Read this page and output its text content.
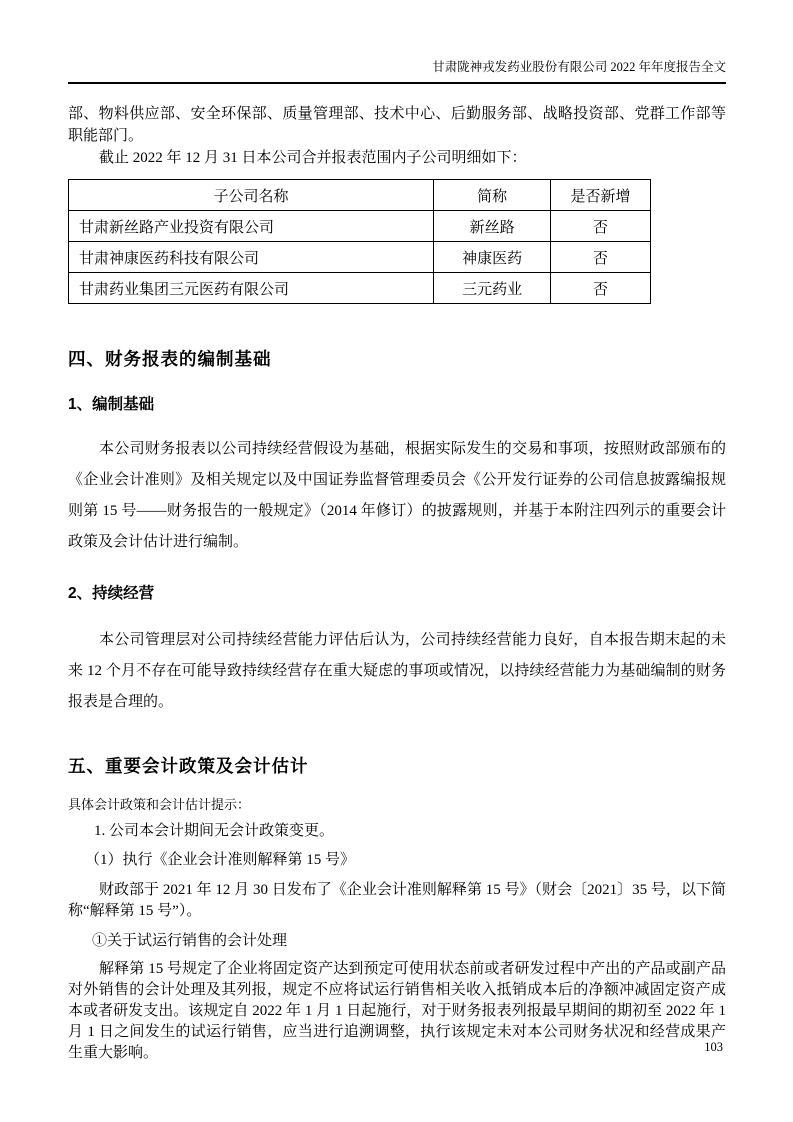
甘肃陇神戎发药业股份有限公司 2022 年年度报告全文

部、物料供应部、安全环保部、质量管理部、技术中心、后勤服务部、战略投资部、党群工作部等职能部门。

截止 2022 年 12 月 31 日本公司合并报表范围内子公司明细如下：

子公司名称	简称	是否新增
甘肃新丝路产业投资有限公司	新丝路	否
甘肃神康医药科技有限公司	神康医药	否
甘肃药业集团三元医药有限公司	三元药业	否
四、财务报表的编制基础
1、编制基础

本公司财务报表以公司持续经营假设为基础，根据实际发生的交易和事项，按照财政部颁布的《企业会计准则》及相关规定以及中国证券监督管理委员会《公开发行证券的公司信息披露编报规则第 15 号——财务报告的一般规定》（2014 年修订）的披露规则，并基于本附注四列示的重要会计政策及会计估计进行编制。

2、持续经营

本公司管理层对公司持续经营能力评估后认为，公司持续经营能力良好，自本报告期末起的未来 12 个月不存在可能导致持续经营存在重大疑虑的事项或情况，以持续经营能力为基础编制的财务报表是合理的。

五、重要会计政策及会计估计

具体会计政策和会计估计提示：

1. 公司本会计期间无会计政策变更。

（1）执行《企业会计准则解释第 15 号》

财政部于 2021 年 12 月 30 日发布了《企业会计准则解释第 15 号》（财会〔2021〕35 号，以下简称“解释第 15 号”）。

①关于试运行销售的会计处理

解释第 15 号规定了企业将固定资产达到预定可使用状态前或者研发过程中产出的产品或副产品对外销售的会计处理及其列报，规定不应将试运行销售相关收入抵销成本后的净额冲减固定资产成本或者研发支出。该规定自 2022 年 1 月 1 日起施行，对于财务报表列报最早期间的期初至 2022 年 1 月 1 日之间发生的试运行销售，应当进行追溯调整，执行该规定未对本公司财务状况和经营成果产生重大影响。	103
